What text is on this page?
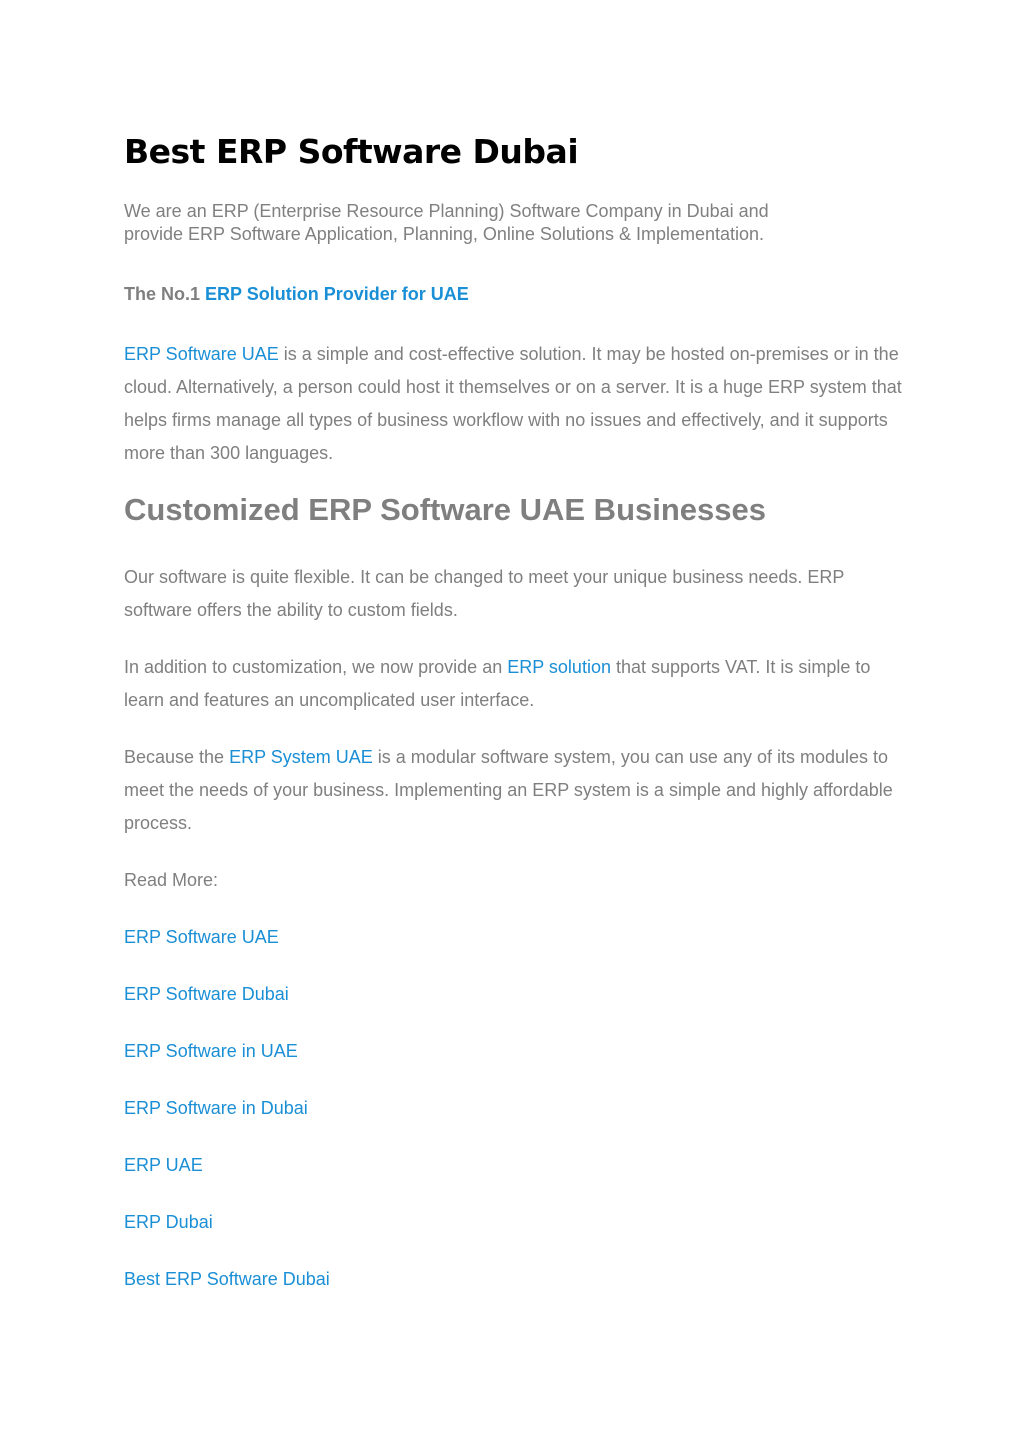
Best ERP Software Dubai

We are an ERP (Enterprise Resource Planning) Software Company in Dubai and
provide ERP Software Application, Planning, Online Solutions & Implementation.

The No.1 ERP Solution Provider for UAE

ERP Software UAE is a simple and cost-effective solution. It may be hosted on-premises or in the cloud. Alternatively, a person could host it themselves or on a server. It is a huge ERP system that helps firms manage all types of business workflow with no issues and effectively, and it supports more than 300 languages.

Customized ERP Software UAE Businesses

Our software is quite flexible. It can be changed to meet your unique business needs. ERP software offers the ability to custom fields.

In addition to customization, we now provide an ERP solution that supports VAT. It is simple to learn and features an uncomplicated user interface.

Because the ERP System UAE is a modular software system, you can use any of its modules to meet the needs of your business. Implementing an ERP system is a simple and highly affordable process.

Read More:

ERP Software UAE
ERP Software Dubai
ERP Software in UAE
ERP Software in Dubai
ERP UAE
ERP Dubai
Best ERP Software Dubai
